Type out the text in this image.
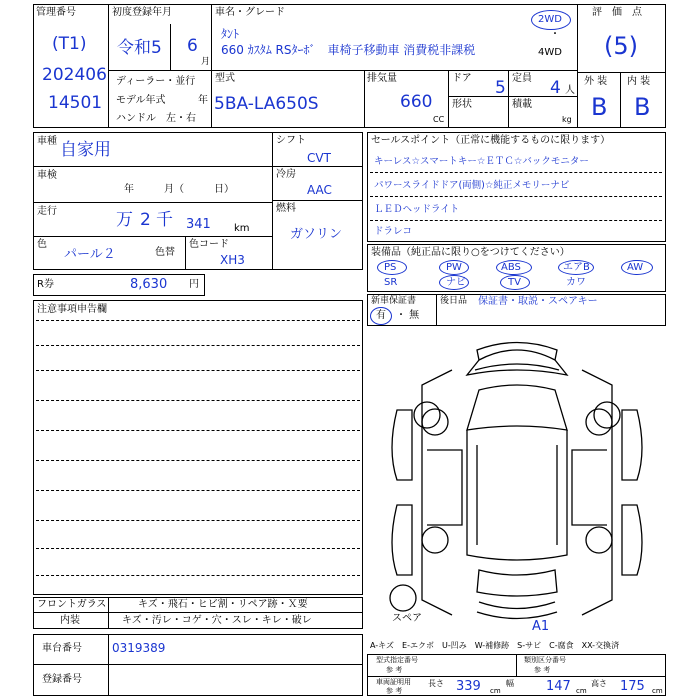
管理番号
(T1)
202406
14501
初度登録年月
令和5 6
月
車名・グレード
ﾀﾝﾄ
660 ｶｽﾀﾑ RSﾀｰﾎﾞ　車椅子移動車 消費税非課税
2WD
・
4WD
ディーラー・並行
モデル年式	年
ハンドル　左・右
型式
5BA-LA650S
排気量
660
CC
ドア 5 定員 4 人
形状	積載
kg
評　価　点
(5)
外 装 内 装
B B
車種 自家用
車検
年　　　月（　　　日）
走行	万 2 千 341 km
色
パール２	色替
色コード
XH3
シフト
CVT
冷房
AAC
燃料
ガソリン
セールスポイント（正常に機能するものに限ります）
キーレス☆スマートキー☆ＥＴＣ☆バックモニター
パワースライドドア(両側)☆純正メモリーナビ
ＬＥＤヘッドライト
ドラレコ
装備品（純正品に限り○をつけてください）
PS	PW	ABS	エアB	AW
SR	ナビ	TV	カワ
R券	8,630 円
注意事項申告欄
新車保証書
有 ・ 無
後日品 保証書・取説・スペアキー
スペア
A1
フロントガラス	キズ・飛石・ヒビ割・リペア跡・Ｘ要
内装	キズ・汚レ・コゲ・穴・スレ・キレ・破レ
車台番号	0319389
登録番号
A-キズ　E-エクボ　U-凹み　W-補修跡　S-サビ　C-腐食　XX-交換済
型式指定番号
参 考
類別区分番号
参 考
車両証明用
参 考
長さ 339 cm
幅 147 cm
高さ 175 cm
